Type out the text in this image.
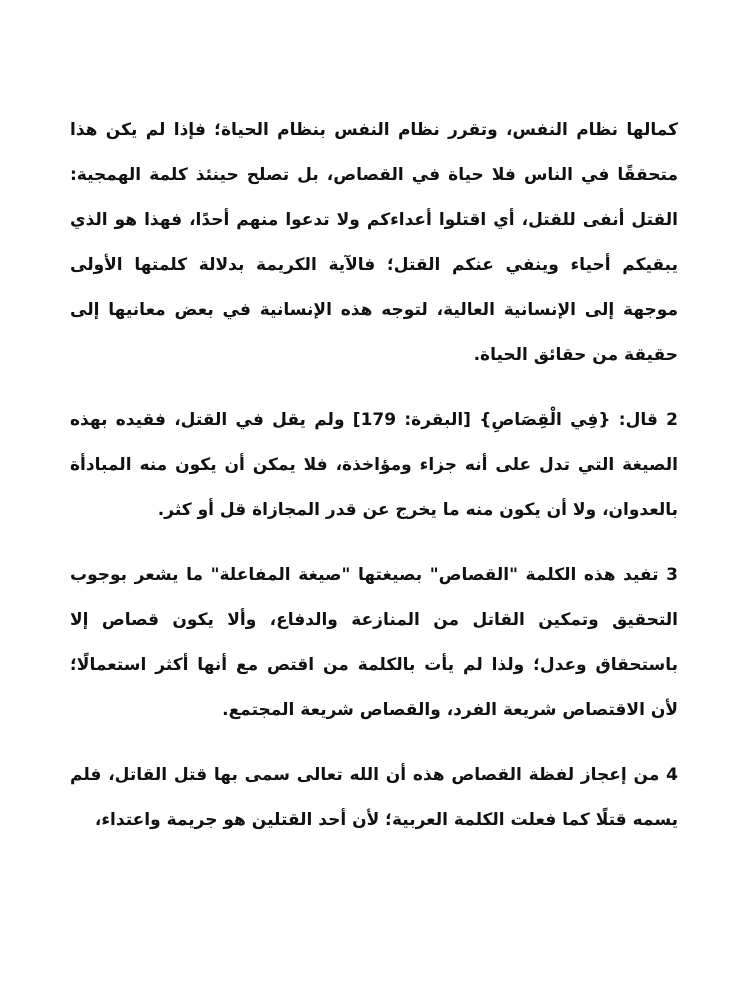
كمالها نظام النفس، وتقرر نظام النفس بنظام الحياة؛ فإذا لم يكن هذا متحققًا في الناس فلا حياة في القصاص، بل تصلح حينئذ كلمة الهمجية: القتل أنفى للقتل، أي اقتلوا أعداءكم ولا تدعوا منهم أحدًا، فهذا هو الذي يبقيكم أحياء وينفي عنكم القتل؛ فالآية الكريمة بدلالة كلمتها الأولى موجهة إلى الإنسانية العالية، لتوجه هذه الإنسانية في بعض معانيها إلى حقيقة من حقائق الحياة.

2 قال: {فِي الْقِصَاصِ} [البقرة: 179] ولم يقل في القتل، فقيده بهذه الصيغة التي تدل على أنه جزاء ومؤاخذة، فلا يمكن أن يكون منه المبادأة بالعدوان، ولا أن يكون منه ما يخرج عن قدر المجازاة قل أو كثر.

3 تفيد هذه الكلمة "القصاص" بصيغتها "صيغة المفاعلة" ما يشعر بوجوب التحقيق وتمكين القاتل من المنازعة والدفاع، وألا يكون قصاص إلا باستحقاق وعدل؛ ولذا لم يأت بالكلمة من اقتص مع أنها أكثر استعمالًا؛ لأن الاقتصاص شريعة الفرد، والقصاص شريعة المجتمع.

4 من إعجاز لفظة القصاص هذه أن الله تعالى سمى بها قتل القاتل، فلم يسمه قتلًا كما فعلت الكلمة العربية؛ لأن أحد القتلين هو جريمة واعتداء،
